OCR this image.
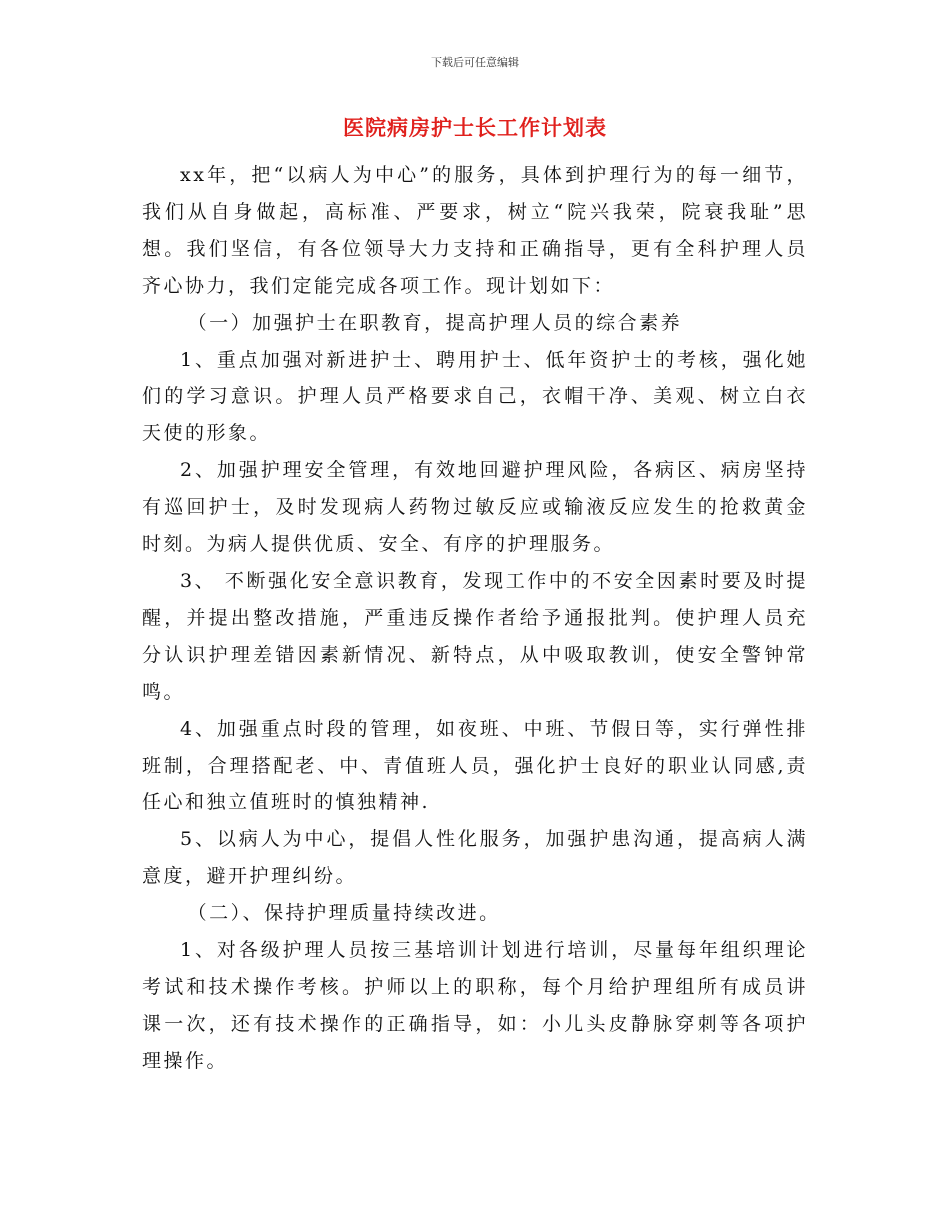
下载后可任意编辑
医院病房护士长工作计划表

xx年，把“以病人为中心”的服务，具体到护理行为的每一细节，我们从自身做起，高标准、严要求，树立“院兴我荣，院衰我耻”思想。我们坚信，有各位领导大力支持和正确指导，更有全科护理人员齐心协力，我们定能完成各项工作。现计划如下：

（一）加强护士在职教育，提高护理人员的综合素养

1、重点加强对新进护士、聘用护士、低年资护士的考核，强化她们的学习意识。护理人员严格要求自己，衣帽干净、美观、树立白衣天使的形象。

2、加强护理安全管理，有效地回避护理风险，各病区、病房坚持有巡回护士，及时发现病人药物过敏反应或输液反应发生的抢救黄金时刻。为病人提供优质、安全、有序的护理服务。

3、 不断强化安全意识教育，发现工作中的不安全因素时要及时提醒，并提出整改措施，严重违反操作者给予通报批判。使护理人员充分认识护理差错因素新情况、新特点，从中吸取教训，使安全警钟常鸣。

4、加强重点时段的管理，如夜班、中班、节假日等，实行弹性排班制，合理搭配老、中、青值班人员，强化护士良好的职业认同感,责任心和独立值班时的慎独精神.

5、以病人为中心，提倡人性化服务，加强护患沟通，提高病人满意度，避开护理纠纷。

（二）、保持护理质量持续改进。

1、对各级护理人员按三基培训计划进行培训，尽量每年组织理论考试和技术操作考核。护师以上的职称，每个月给护理组所有成员讲课一次，还有技术操作的正确指导，如：小儿头皮静脉穿刺等各项护理操作。
